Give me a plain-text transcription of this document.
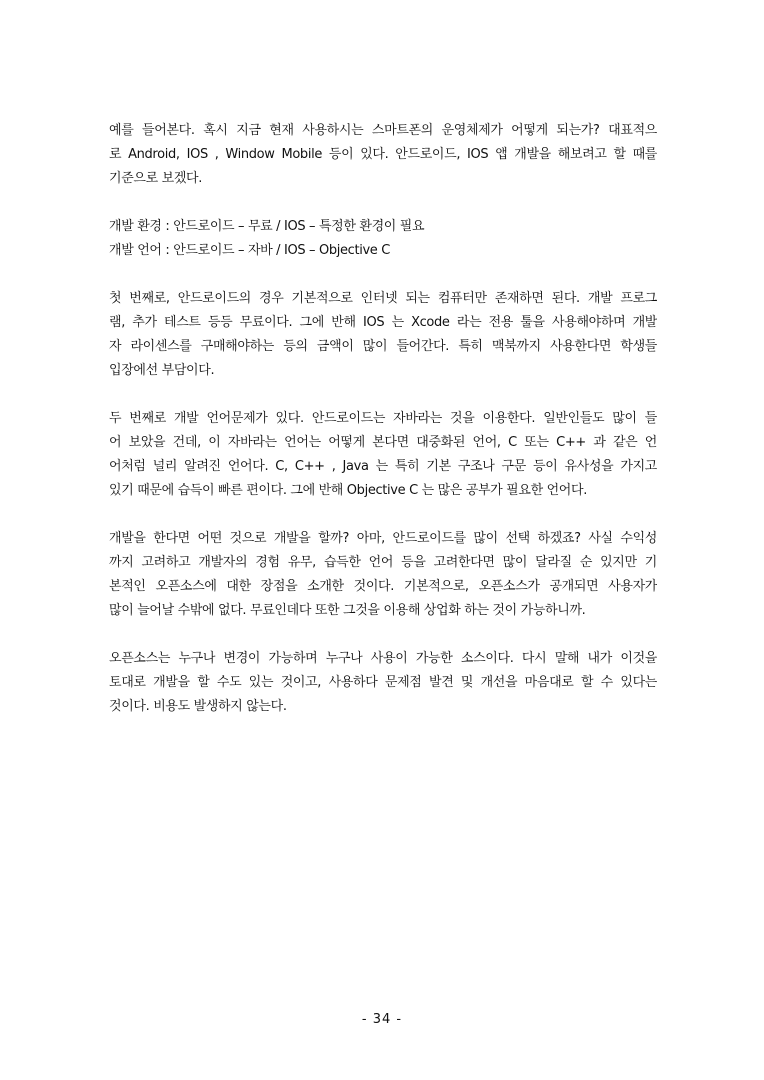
예를 들어본다. 혹시 지금 현재 사용하시는 스마트폰의 운영체제가 어떻게 되는가? 대표적으
로 Android, IOS , Window Mobile 등이 있다. 안드로이드, IOS 앱 개발을 해보려고 할 때를
기준으로 보겠다.
개발 환경 : 안드로이드 – 무료 / IOS – 특정한 환경이 필요
개발 언어 : 안드로이드 – 자바 / IOS – Objective C
첫 번째로, 안드로이드의 경우 기본적으로 인터넷 되는 컴퓨터만 존재하면 된다. 개발 프로그
램, 추가 테스트 등등 무료이다. 그에 반해 IOS 는 Xcode 라는 전용 툴을 사용해야하며 개발
자 라이센스를 구매해야하는 등의 금액이 많이 들어간다. 특히 맥북까지 사용한다면 학생들
입장에선 부담이다.
두 번째로 개발 언어문제가 있다. 안드로이드는 자바라는 것을 이용한다. 일반인들도 많이 들
어 보았을 건데, 이 자바라는 언어는 어떻게 본다면 대중화된 언어, C 또는 C++ 과 같은 언
어처럼 널리 알려진 언어다. C, C++ , Java 는 특히 기본 구조나 구문 등이 유사성을 가지고
있기 때문에 습득이 빠른 편이다. 그에 반해 Objective C 는 많은 공부가 필요한 언어다.
개발을 한다면 어떤 것으로 개발을 할까? 아마, 안드로이드를 많이 선택 하겠죠? 사실 수익성
까지 고려하고 개발자의 경험 유무, 습득한 언어 등을 고려한다면 많이 달라질 순 있지만 기
본적인 오픈소스에 대한 장점을 소개한 것이다. 기본적으로, 오픈소스가 공개되면 사용자가
많이 늘어날 수밖에 없다. 무료인데다 또한 그것을 이용해 상업화 하는 것이 가능하니까.
오픈소스는 누구나 변경이 가능하며 누구나 사용이 가능한 소스이다. 다시 말해 내가 이것을
토대로 개발을 할 수도 있는 것이고, 사용하다 문제점 발견 및 개선을 마음대로 할 수 있다는
것이다. 비용도 발생하지 않는다.
- 34 -
